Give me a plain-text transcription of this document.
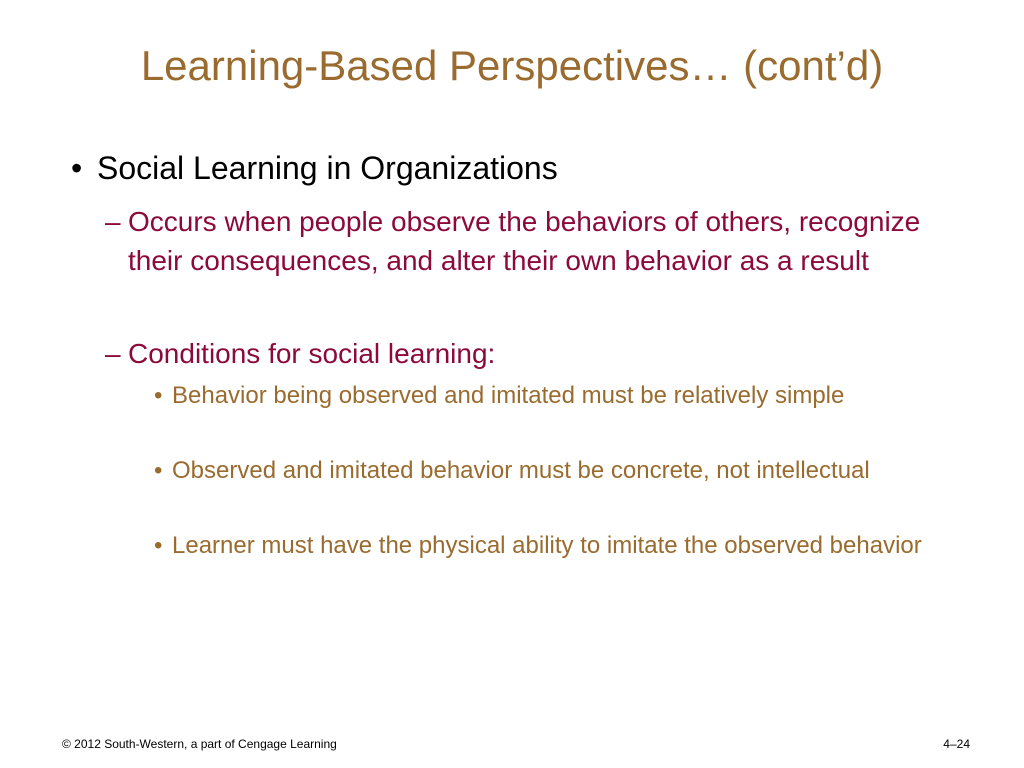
Learning-Based Perspectives… (cont’d)
• Social Learning in Organizations
– Occurs when people observe the behaviors of others, recognize their consequences, and alter their own behavior as a result
– Conditions for social learning:
• Behavior being observed and imitated must be relatively simple
• Observed and imitated behavior must be concrete, not intellectual
• Learner must have the physical ability to imitate the observed behavior
© 2012 South-Western, a part of Cengage Learning	4–24
